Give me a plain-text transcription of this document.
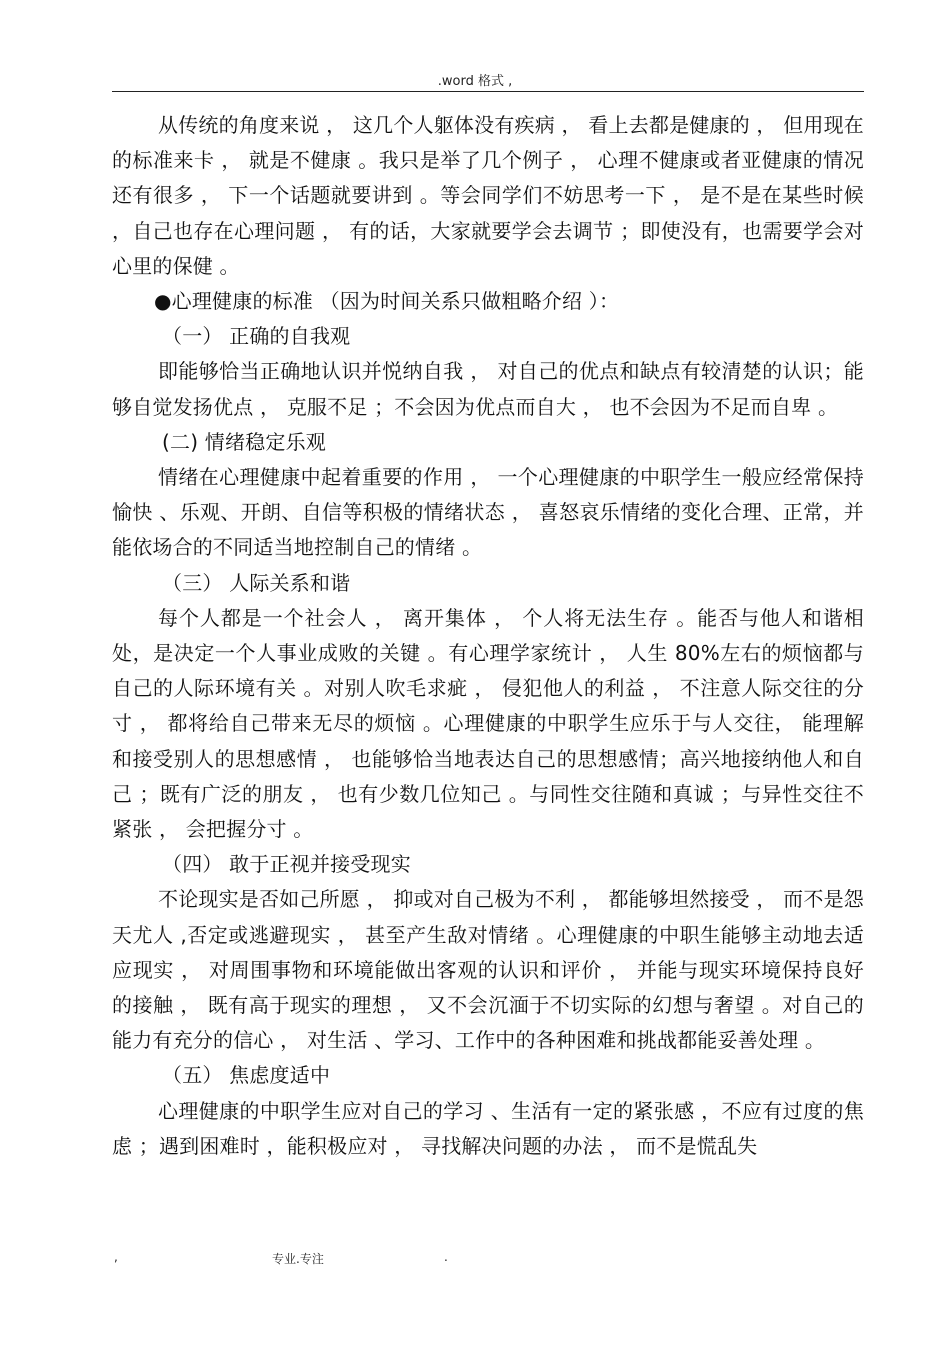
.word 格式 ,

从传统的角度来说 ， 这几个人躯体没有疾病 ， 看上去都是健康的 ， 但用现在的标准来卡 ， 就是不健康 。我只是举了几个例子 ， 心理不健康或者亚健康的情况还有很多 ， 下一个话题就要讲到 。等会同学们不妨思考一下 ， 是不是在某些时候 ，自己也存在心理问题 ， 有的话，大家就要学会去调节 ；即使没有，也需要学会对心里的保健 。

●心理健康的标准 （因为时间关系只做粗略介绍 ）：

（一） 正确的自我观

即能够恰当正确地认识并悦纳自我 ， 对自己的优点和缺点有较清楚的认识；能够自觉发扬优点 ， 克服不足 ；不会因为优点而自大 ， 也不会因为不足而自卑 。

(二) 情绪稳定乐观

情绪在心理健康中起着重要的作用 ， 一个心理健康的中职学生一般应经常保持愉快 、乐观、开朗、自信等积极的情绪状态 ， 喜怒哀乐情绪的变化合理、正常，并能依场合的不同适当地控制自己的情绪 。

（三） 人际关系和谐

每个人都是一个社会人 ， 离开集体 ， 个人将无法生存 。能否与他人和谐相处，是决定一个人事业成败的关键 。有心理学家统计 ， 人生 80%左右的烦恼都与自己的人际环境有关 。对别人吹毛求疵 ， 侵犯他人的利益 ， 不注意人际交往的分寸 ， 都将给自己带来无尽的烦恼 。心理健康的中职学生应乐于与人交往， 能理解和接受别人的思想感情 ， 也能够恰当地表达自己的思想感情；高兴地接纳他人和自己 ；既有广泛的朋友 ， 也有少数几位知己 。与同性交往随和真诚 ；与异性交往不紧张 ， 会把握分寸 。

（四） 敢于正视并接受现实

不论现实是否如己所愿 ， 抑或对自己极为不利 ， 都能够坦然接受 ， 而不是怨天尤人 ,否定或逃避现实 ， 甚至产生敌对情绪 。心理健康的中职生能够主动地去适应现实 ， 对周围事物和环境能做出客观的认识和评价 ， 并能与现实环境保持良好的接触 ， 既有高于现实的理想 ， 又不会沉湎于不切实际的幻想与奢望 。对自己的能力有充分的信心 ， 对生活 、学习、工作中的各种困难和挑战都能妥善处理 。

（五） 焦虑度适中

心理健康的中职学生应对自己的学习 、生活有一定的紧张感 ，不应有过度的焦虑 ；遇到困难时 ，能积极应对 ， 寻找解决问题的办法 ， 而不是慌乱失

,	专业.专注	.
